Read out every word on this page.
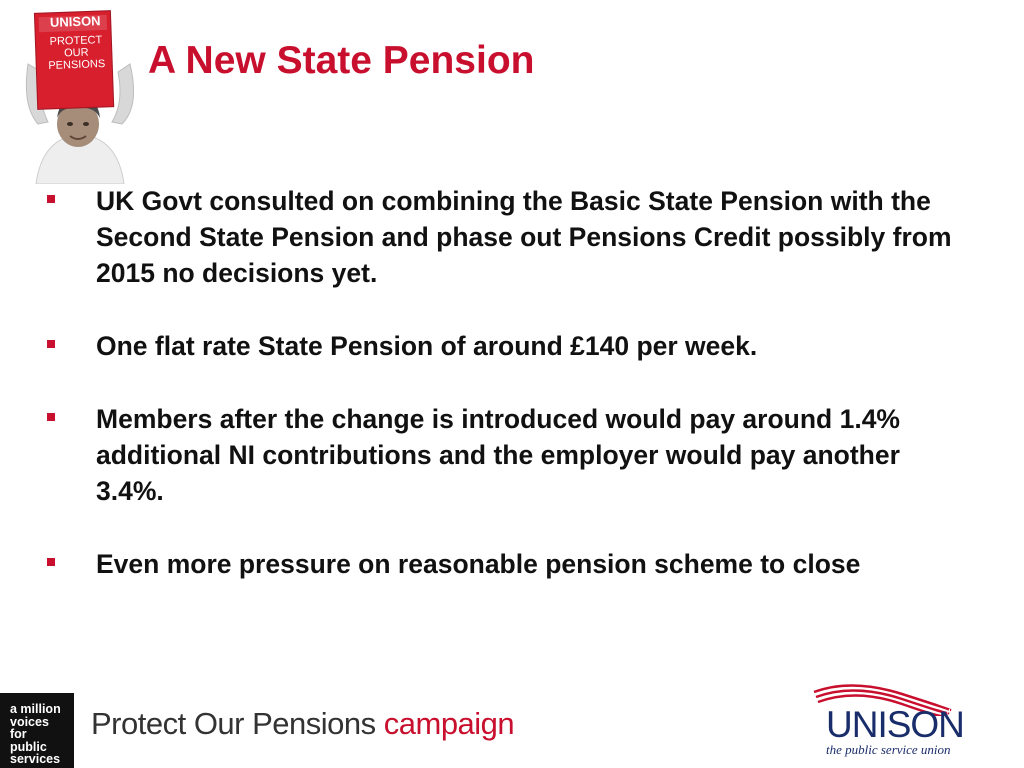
UNISON
PROTECT
OUR
PENSIONS A New State Pension
UK Govt consulted on combining the Basic State Pension with the Second State Pension and phase out Pensions Credit possibly from 2015 no decisions yet.
One flat rate State Pension of around £140 per week.
Members after the change is introduced would pay around 1.4% additional NI contributions and the employer would pay another 3.4%.
Even more pressure on reasonable pension scheme to close
a million
voices
for
public
services
Protect Our Pensions campaign	UNISON
the public service union
